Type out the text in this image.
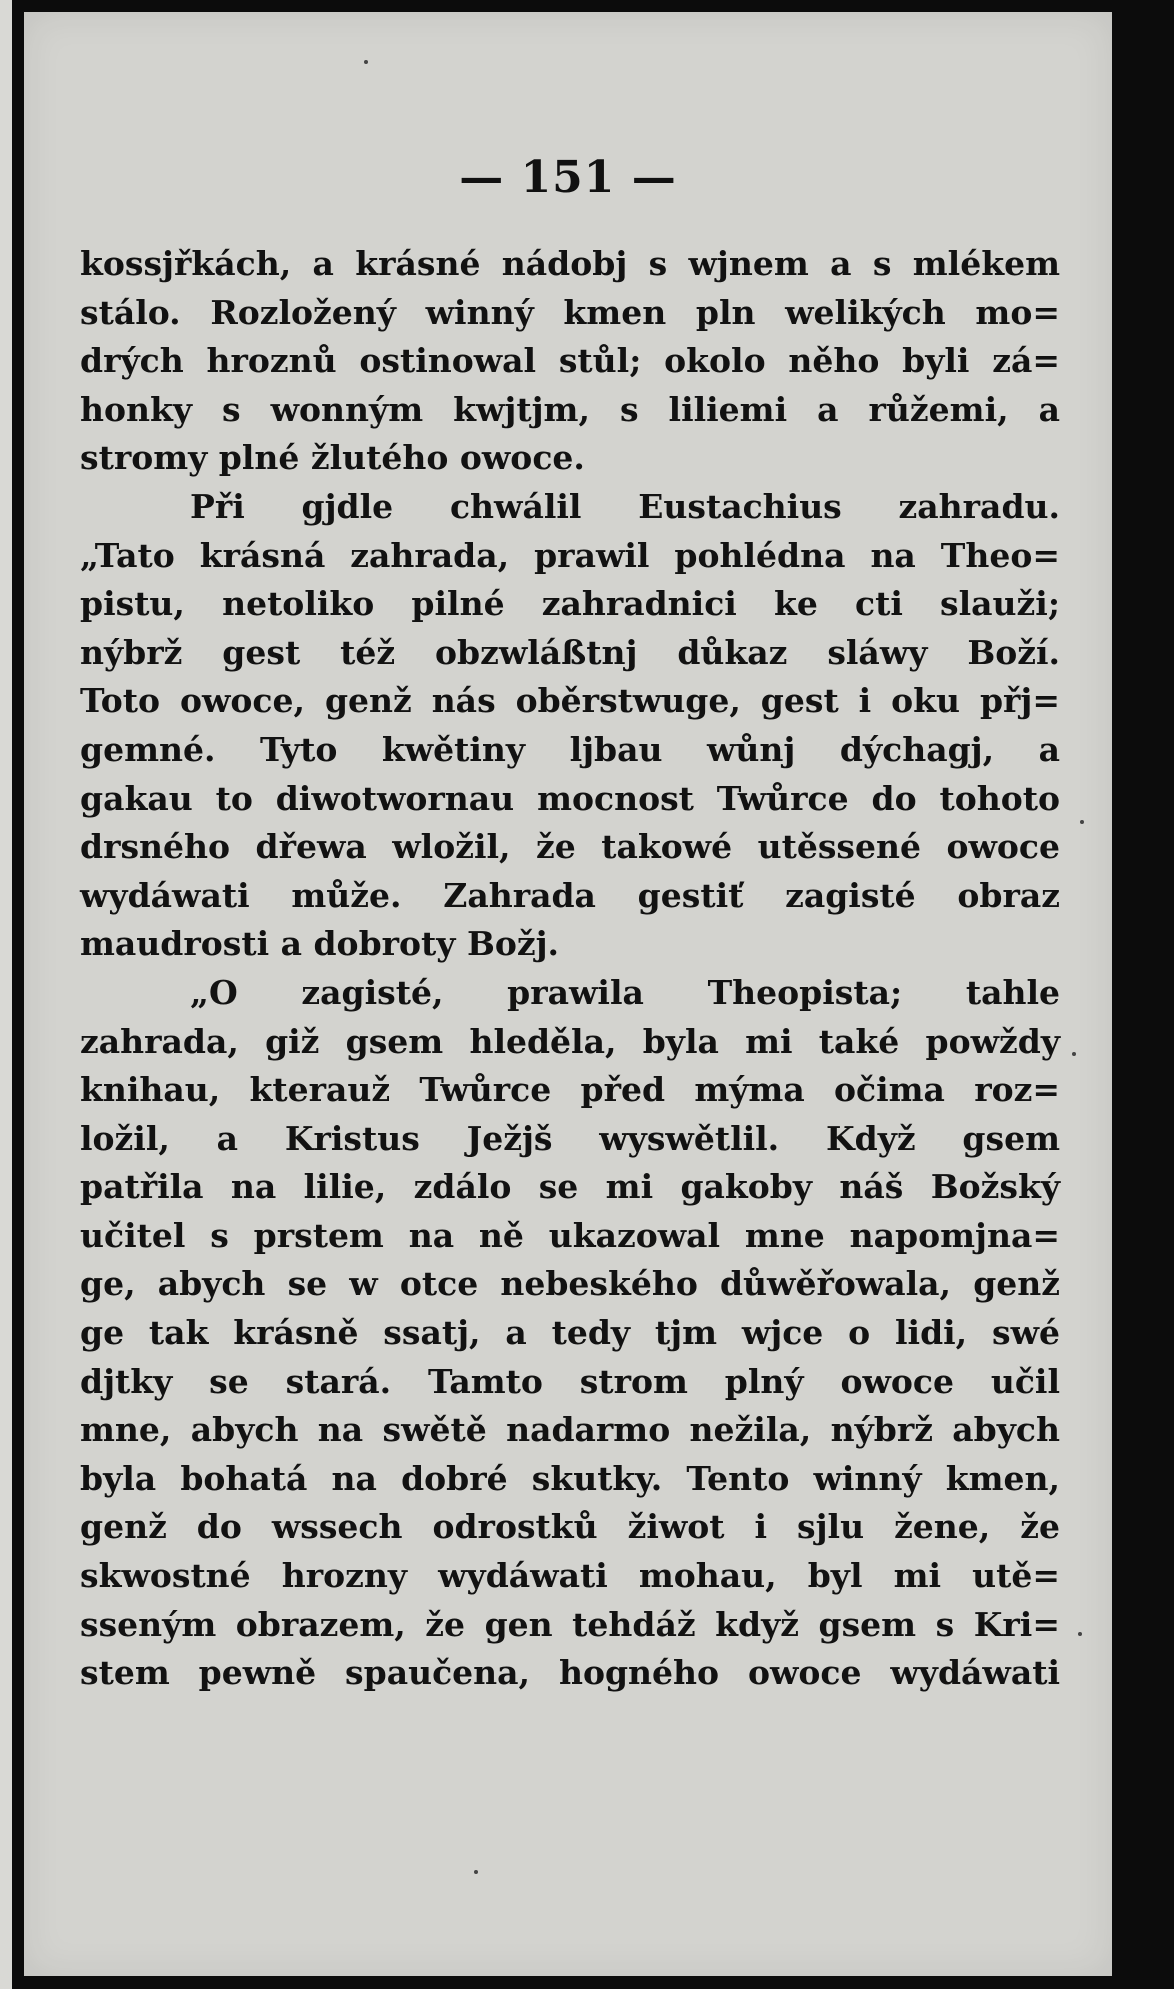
— 151 —
kossjřkách, a krásné nádobj s wjnem a s mlékem
stálo. Rozložený winný kmen pln welikých mo=
drých hroznů ostinowal stůl; okolo něho byli zá=
honky s wonným kwjtjm, s liliemi a růžemi, a
stromy plné žlutého owoce.
Při gjdle chwálil Eustachius zahradu.
„Tato krásná zahrada, prawil pohlédna na Theo=
pistu, netoliko pilné zahradnici ke cti slauži;
nýbrž gest též obzwláßtnj důkaz sláwy Boží.
Toto owoce, genž nás oběrstwuge, gest i oku přj=
gemné. Tyto kwětiny ljbau wůnj dýchagj, a
gakau to diwotwornau mocnost Twůrce do tohoto
drsného dřewa wložil, že takowé utěssené owoce
wydáwati může. Zahrada gestiť zagisté obraz
maudrosti a dobroty Božj.
„O zagisté, prawila Theopista; tahle
zahrada, giž gsem hleděla, byla mi také powždy
knihau, kterauž Twůrce před mýma očima roz=
ložil, a Kristus Ježjš wyswětlil. Když gsem
patřila na lilie, zdálo se mi gakoby náš Božský
učitel s prstem na ně ukazowal mne napomjna=
ge, abych se w otce nebeského důwěřowala, genž
ge tak krásně ssatj, a tedy tjm wjce o lidi, swé
djtky se stará. Tamto strom plný owoce učil
mne, abych na swětě nadarmo nežila, nýbrž abych
byla bohatá na dobré skutky. Tento winný kmen,
genž do wssech odrostků žiwot i sjlu žene, že
skwostné hrozny wydáwati mohau, byl mi utě=
sseným obrazem, že gen tehdáž když gsem s Kri=
stem pewně spaučena, hogného owoce wydáwati
